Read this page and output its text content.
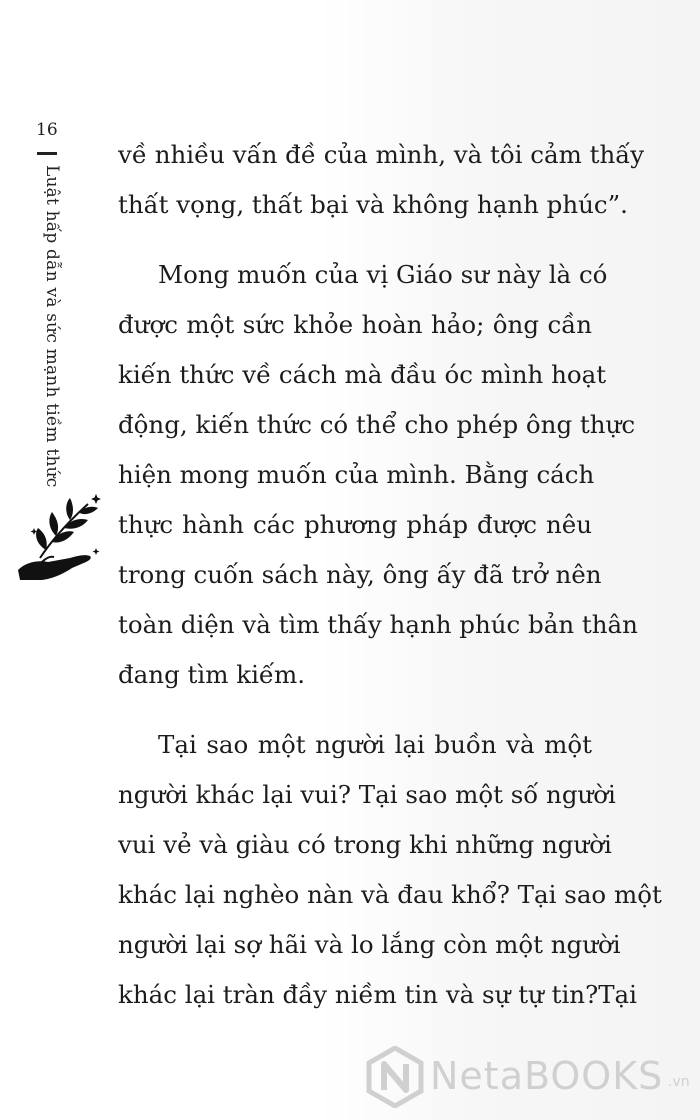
16
Luật hấp dẫn và sức mạnh tiềm thức
về nhiều vấn đề của mình, và tôi cảm thấy
thất vọng, thất bại và không hạnh phúc”.
Mong muốn của vị Giáo sư này là có
được một sức khỏe hoàn hảo; ông cần
kiến thức về cách mà đầu óc mình hoạt
động, kiến thức có thể cho phép ông thực
hiện mong muốn của mình. Bằng cách
thực hành các phương pháp được nêu
trong cuốn sách này, ông ấy đã trở nên
toàn diện và tìm thấy hạnh phúc bản thân
đang tìm kiếm.
Tại sao một người lại buồn và một
người khác lại vui? Tại sao một số người
vui vẻ và giàu có trong khi những người
khác lại nghèo nàn và đau khổ? Tại sao một
người lại sợ hãi và lo lắng còn một người
khác lại tràn đầy niềm tin và sự tự tin?Tại
NetaBOOKS .vn
